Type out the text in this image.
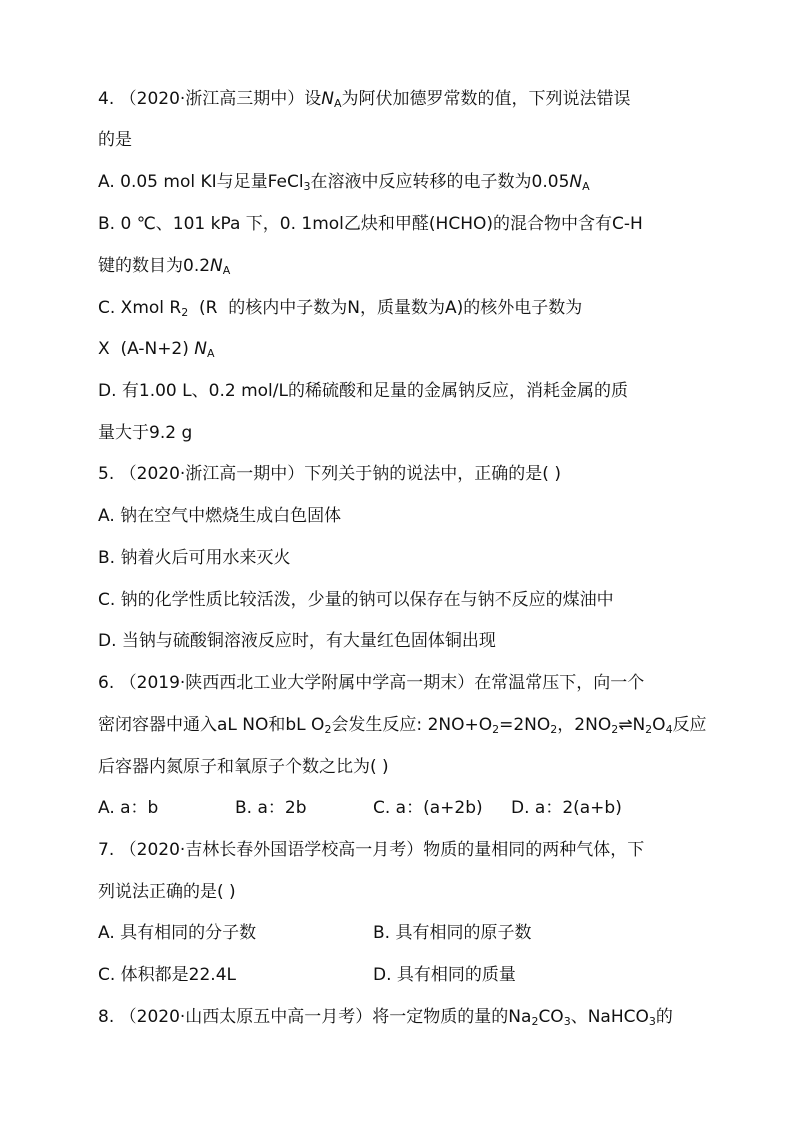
4. （2020·浙江高三期中）设$N_A$为阿伏加德罗常数的值，下列说法错误
的是
A. 0.05 mol KI与足量FeCl$_3$在溶液中反应转移的电子数为$0.05N_A$
B. 0 ℃、101 kPa 下，0. 1mol乙炔和甲醛(HCHO)的混合物中含有C-H
键的数目为$0.2N_A$
C. Xmol $R_2$  (R  的核内中子数为N，质量数为A)的核外电子数为
X  (A-N+2) $N_A$
D. 有1.00 L、0.2 mol/L的稀硫酸和足量的金属钠反应，消耗金属的质
量大于9.2 g
5. （2020·浙江高一期中）下列关于钠的说法中，正确的是( )
A. 钠在空气中燃烧生成白色固体
B. 钠着火后可用水来灭火
C. 钠的化学性质比较活泼，少量的钠可以保存在与钠不反应的煤油中
D. 当钠与硫酸铜溶液反应时，有大量红色固体铜出现
6. （2019·陕西西北工业大学附属中学高一期末）在常温常压下，向一个
密闭容器中通入aL NO和bL $O_2$会发生反应: $2NO+O_2=2NO_2$，$2NO_2\rightleftharpoons N_2O_4$反应
后容器内氮原子和氧原子个数之比为( )
A. a：b	B. a：2b	C. a：(a+2b) D. a：2(a+b)
7. （2020·吉林长春外国语学校高一月考）物质的量相同的两种气体，下
列说法正确的是( )
A. 具有相同的分子数	B. 具有相同的原子数
C. 体积都是22.4L	D. 具有相同的质量
8. （2020·山西太原五中高一月考）将一定物质的量的$Na_2CO_3$、NaHCO$_3$的
